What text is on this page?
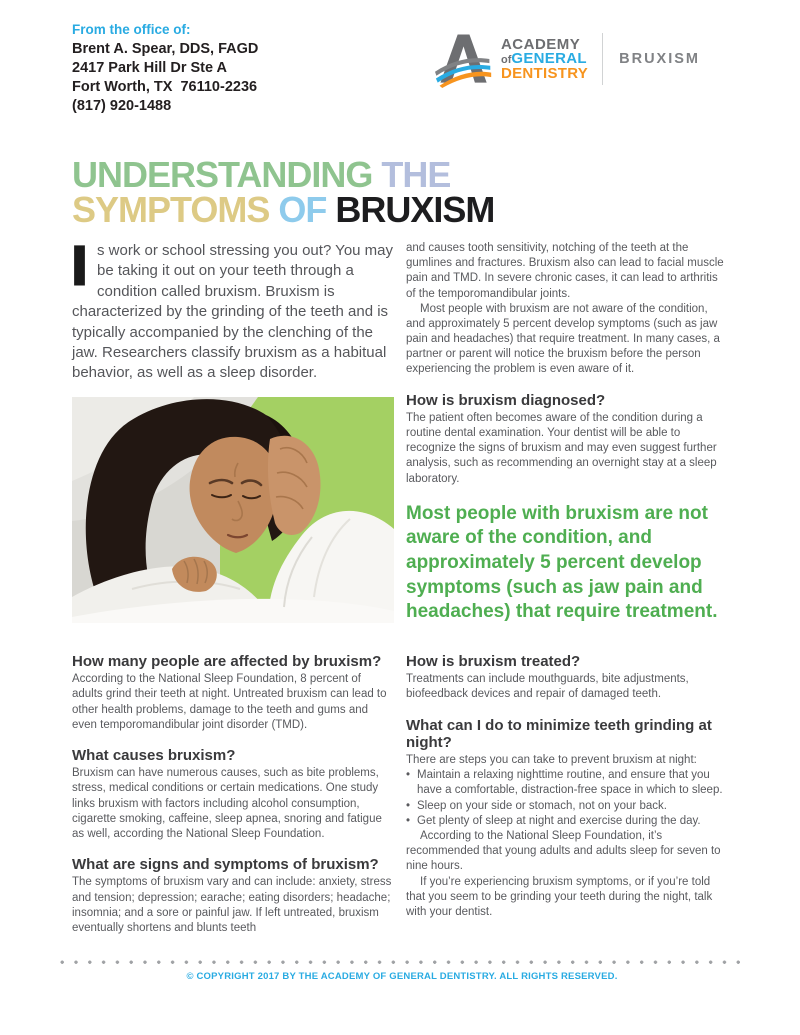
From the office of:
Brent A. Spear, DDS, FAGD
2417 Park Hill Dr Ste A
Fort Worth, TX  76110-2236
(817) 920-1488
ACADEMY
ofGENERAL
DENTISTRY
BRUXISM
UNDERSTANDING THE
SYMPTOMS OF BRUXISM

Is work or school stressing you out? You may be taking it out on your teeth through a condition called bruxism. Bruxism is characterized by the grinding of the teeth and is typically accompanied by the clenching of the jaw. Researchers classify bruxism as a habitual behavior, as well as a sleep disorder.

and causes tooth sensitivity, notching of the teeth at the gumlines and fractures. Bruxism also can lead to facial muscle pain and TMD. In severe chronic cases, it can lead to arthritis of the temporomandibular joints.

Most people with bruxism are not aware of the condition, and approximately 5 percent develop symptoms (such as jaw pain and headaches) that require treatment. In many cases, a partner or parent will notice the bruxism before the person experiencing the problem is even aware of it.

How is bruxism diagnosed?

The patient often becomes aware of the condition during a routine dental examination. Your dentist will be able to recognize the signs of bruxism and may even suggest further analysis, such as recommending an overnight stay at a sleep laboratory.

Most people with bruxism are not aware of the condition, and approximately 5 percent develop symptoms (such as jaw pain and headaches) that require treatment.

How many people are affected by bruxism?

According to the National Sleep Foundation, 8 percent of adults grind their teeth at night. Untreated bruxism can lead to other health problems, damage to the teeth and gums and even temporomandibular joint disorder (TMD).

What causes bruxism?

Bruxism can have numerous causes, such as bite problems, stress, medical conditions or certain medications. One study links bruxism with factors including alcohol consumption, cigarette smoking, caffeine, sleep apnea, snoring and fatigue as well, according the National Sleep Foundation.

What are signs and symptoms of bruxism?

The symptoms of bruxism vary and can include: anxiety, stress and tension; depression; earache; eating disorders; headache; insomnia; and a sore or painful jaw. If left untreated, bruxism eventually shortens and blunts teeth

How is bruxism treated?

Treatments can include mouthguards, bite adjustments, biofeedback devices and repair of damaged teeth.

What can I do to minimize teeth grinding at night?

There are steps you can take to prevent bruxism at night:

• Maintain a relaxing nighttime routine, and ensure that you have a comfortable, distraction-free space in which to sleep.
• Sleep on your side or stomach, not on your back.
• Get plenty of sleep at night and exercise during the day.

According to the National Sleep Foundation, it’s recommended that young adults and adults sleep for seven to nine hours.

If you’re experiencing bruxism symptoms, or if you’re told that you seem to be grinding your teeth during the night, talk with your dentist.

© COPYRIGHT 2017 BY THE ACADEMY OF GENERAL DENTISTRY. ALL RIGHTS RESERVED.
